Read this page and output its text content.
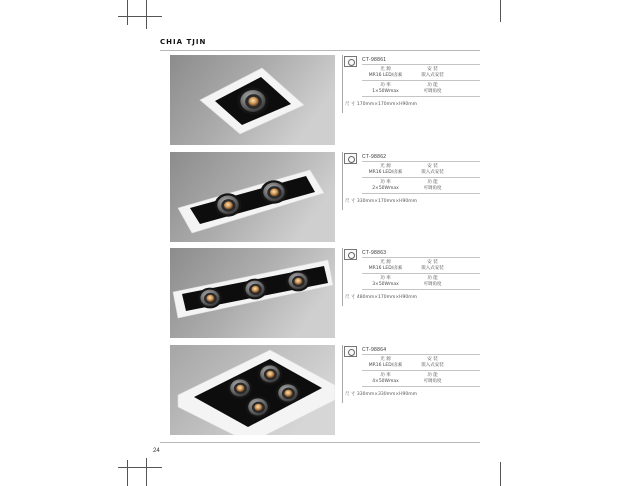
CHIA TJIN
CT-98861
光 源	安 装
MR16 LED/卤素	嵌入式安装
功 率	功 能
1×50Wmax	可调角度
尺 寸 170mm×170mm×H90mm
CT-98862
光 源	安 装
MR16 LED/卤素	嵌入式安装
功 率	功 能
2×50Wmax	可调角度
尺 寸 330mm×170mm×H90mm
CT-98863
光 源	安 装
MR16 LED/卤素	嵌入式安装
功 率	功 能
3×50Wmax	可调角度
尺 寸 480mm×170mm×H90mm
CT-98864
光 源	安 装
MR16 LED/卤素	嵌入式安装
功 率	功 能
4×50Wmax	可调角度
尺 寸 330mm×330mm×H90mm
24
